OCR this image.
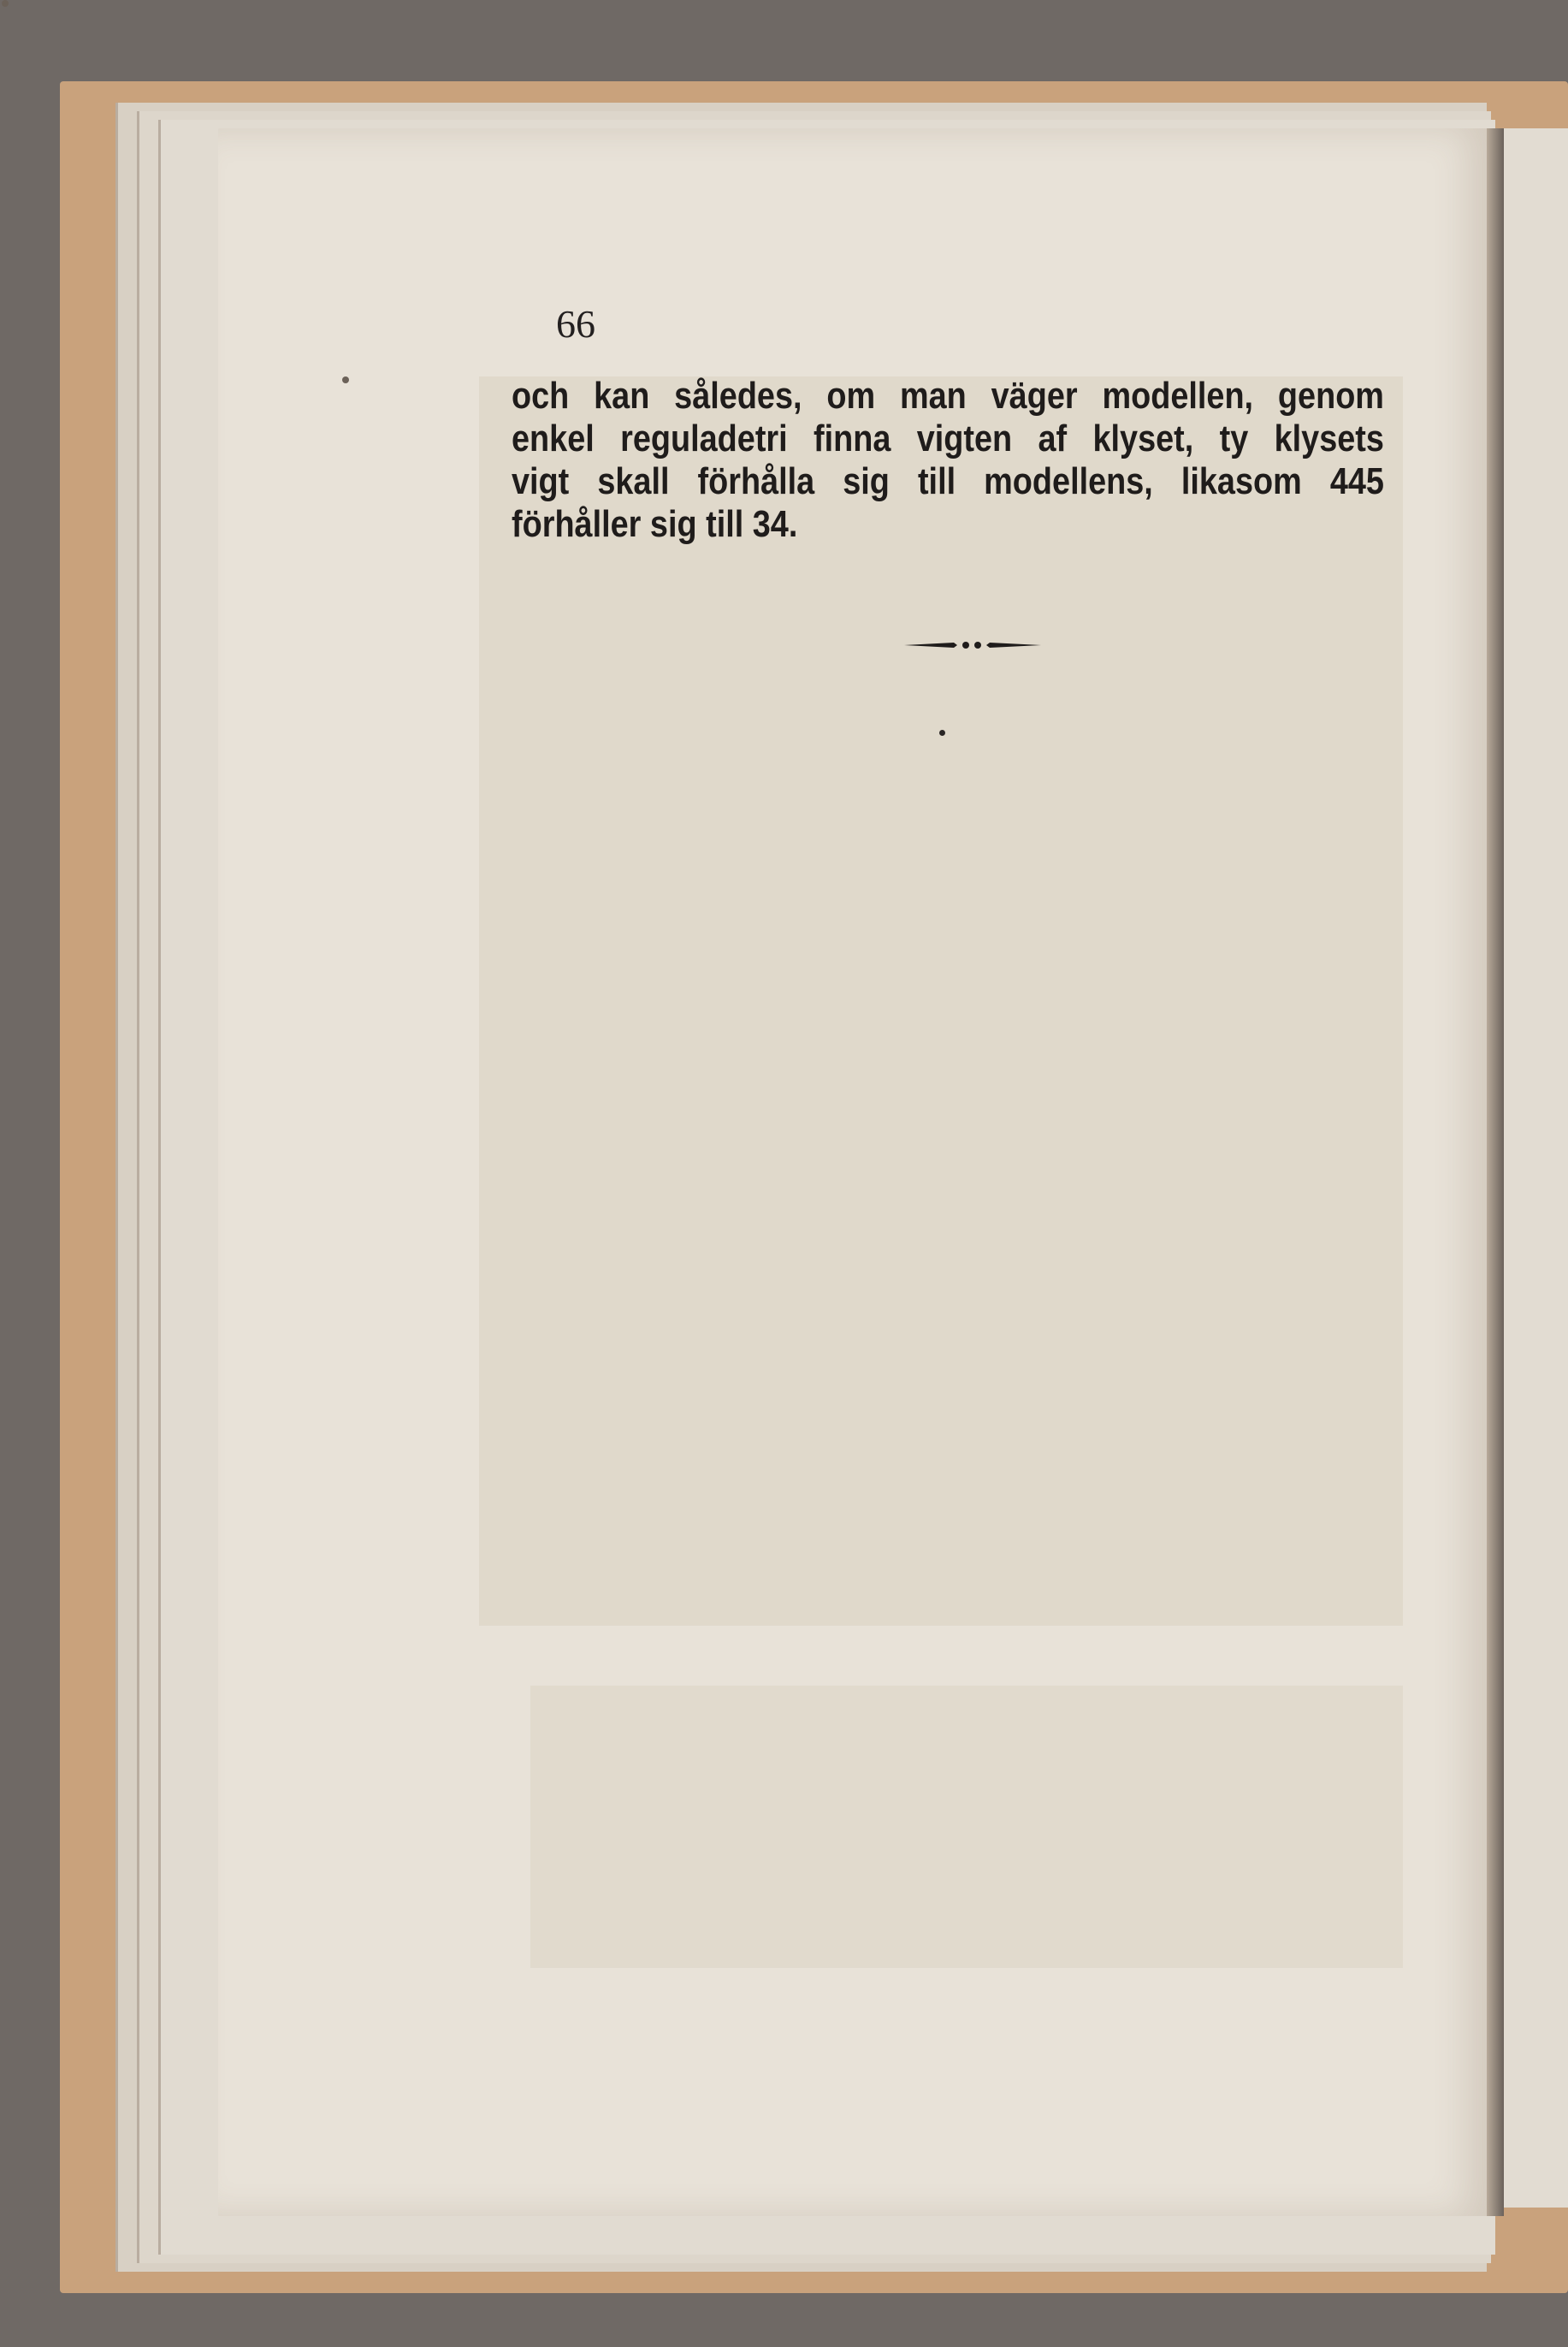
66
och kan således, om man väger modellen, genom
enkel reguladetri finna vigten af klyset, ty klysets
vigt skall förhålla sig till modellens, likasom 445
förhåller sig till 34.
